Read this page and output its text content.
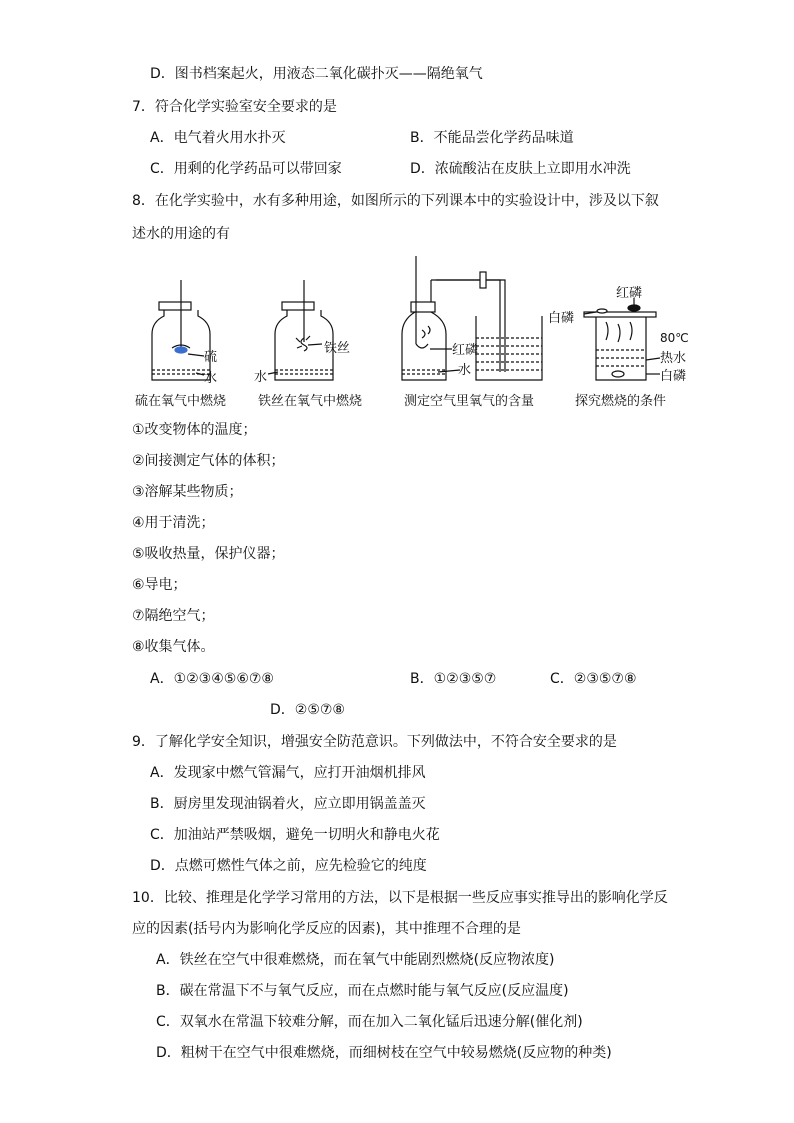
D．图书档案起火，用液态二氧化碳扑灭——隔绝氧气
7．符合化学实验室安全要求的是
A．电气着火用水扑灭	B．不能品尝化学药品味道
C．用剩的化学药品可以带回家	D．浓硫酸沾在皮肤上立即用水冲洗
8．在化学实验中，水有多种用途，如图所示的下列课本中的实验设计中，涉及以下叙
述水的用途的有
硫
水
铁丝
水
红磷
水
红磷
白磷
80℃
热水
白磷
硫在氧气中燃烧 铁丝在氧气中燃烧	测定空气里氧气的含量	探究燃烧的条件
①改变物体的温度；
②间接测定气体的体积；
③溶解某些物质；
④用于清洗；
⑤吸收热量，保护仪器；
⑥导电；
⑦隔绝空气；
⑧收集气体。
A．①②③④⑤⑥⑦⑧	B．①②③⑤⑦	C．②③⑤⑦⑧
D．②⑤⑦⑧
9．了解化学安全知识，增强安全防范意识。下列做法中，不符合安全要求的是
A．发现家中燃气管漏气，应打开油烟机排风
B．厨房里发现油锅着火，应立即用锅盖盖灭
C．加油站严禁吸烟，避免一切明火和静电火花
D．点燃可燃性气体之前，应先检验它的纯度
10．比较、推理是化学学习常用的方法，以下是根据一些反应事实推导出的影响化学反
应的因素(括号内为影响化学反应的因素)，其中推理不合理的是
A．铁丝在空气中很难燃烧，而在氧气中能剧烈燃烧(反应物浓度)
B．碳在常温下不与氧气反应，而在点燃时能与氧气反应(反应温度)
C．双氧水在常温下较难分解，而在加入二氧化锰后迅速分解(催化剂)
D．粗树干在空气中很难燃烧，而细树枝在空气中较易燃烧(反应物的种类)
